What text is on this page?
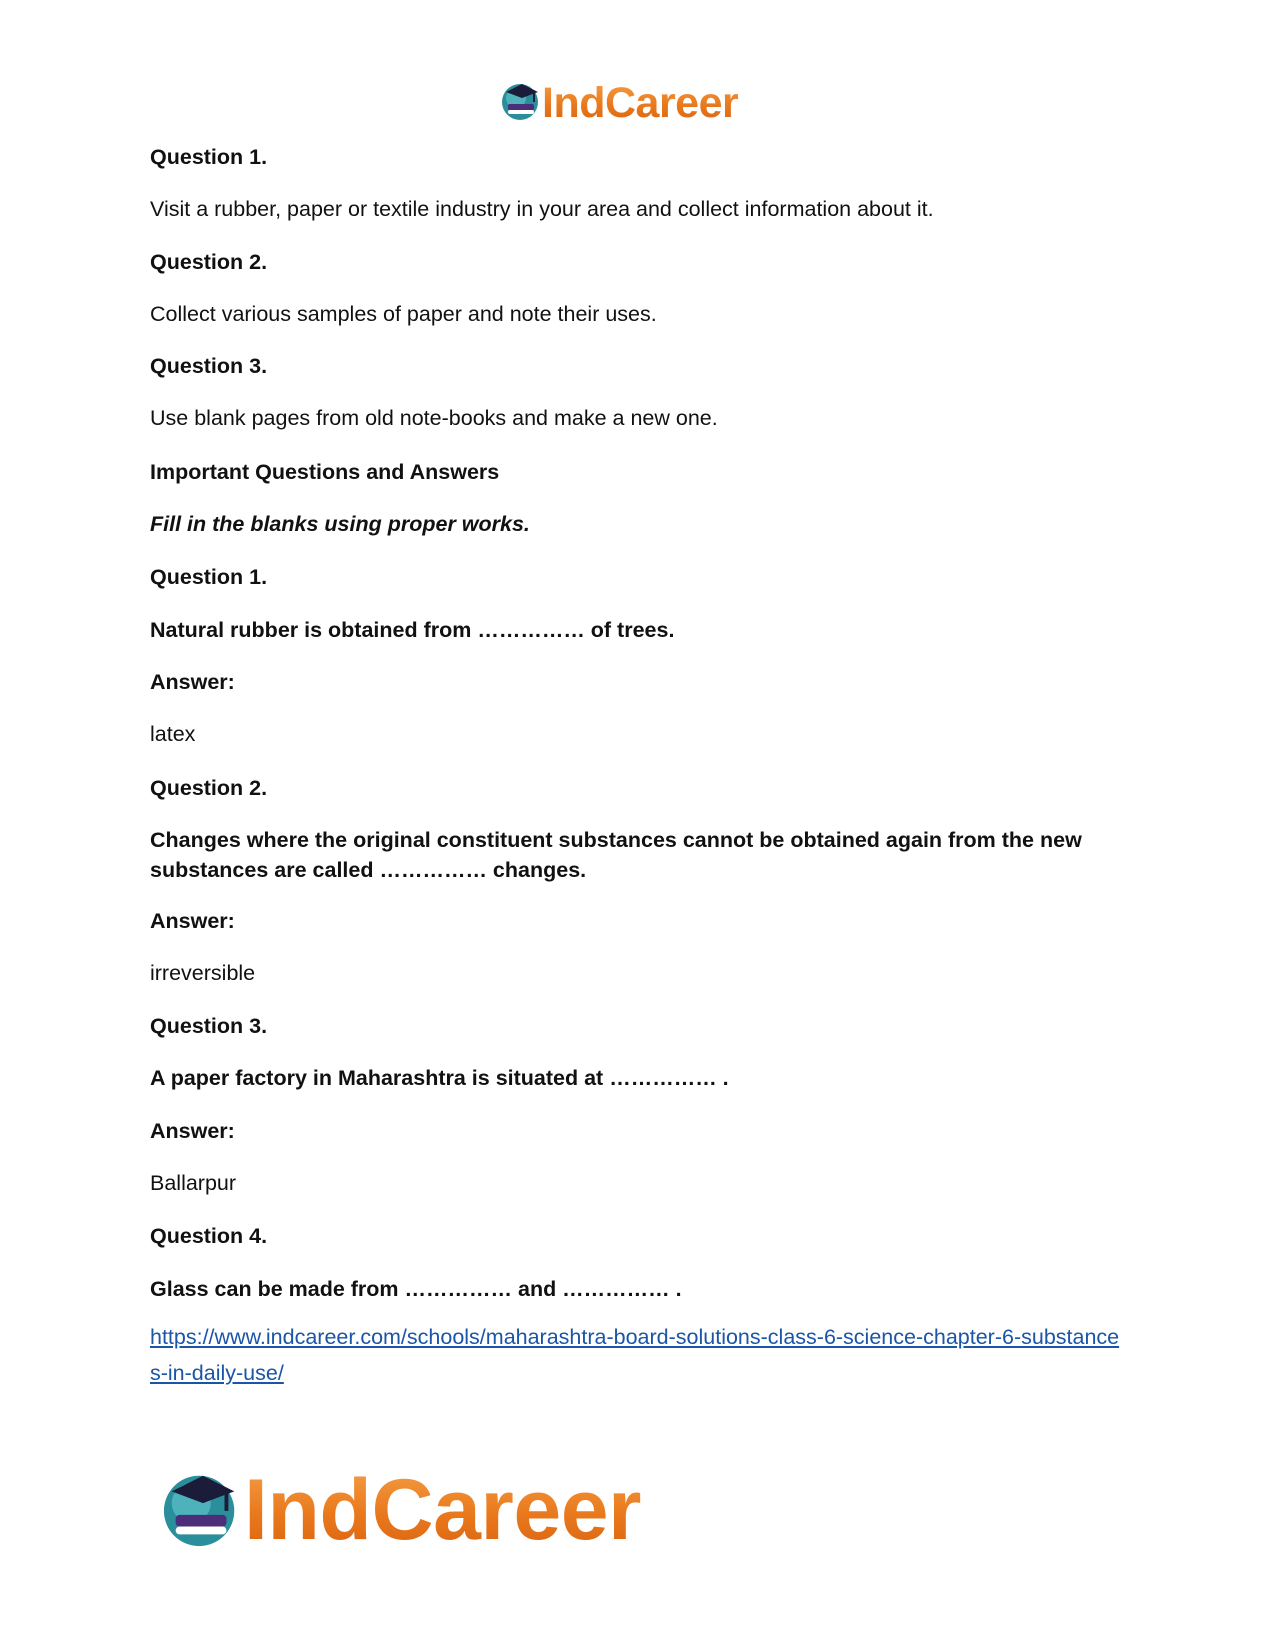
IndCareer
Question 1.
Visit a rubber, paper or textile industry in your area and collect information about it.
Question 2.
Collect various samples of paper and note their uses.
Question 3.
Use blank pages from old note-books and make a new one.
Important Questions and Answers
Fill in the blanks using proper works.
Question 1.
Natural rubber is obtained from …………… of trees.
Answer:
latex
Question 2.
Changes where the original constituent substances cannot be obtained again from the new substances are called …………… changes.
Answer:
irreversible
Question 3.
A paper factory in Maharashtra is situated at …………… .
Answer:
Ballarpur
Question 4.
Glass can be made from …………… and …………… .
https://www.indcareer.com/schools/maharashtra-board-solutions-class-6-science-chapter-6-substances-in-daily-use/
IndCareer
